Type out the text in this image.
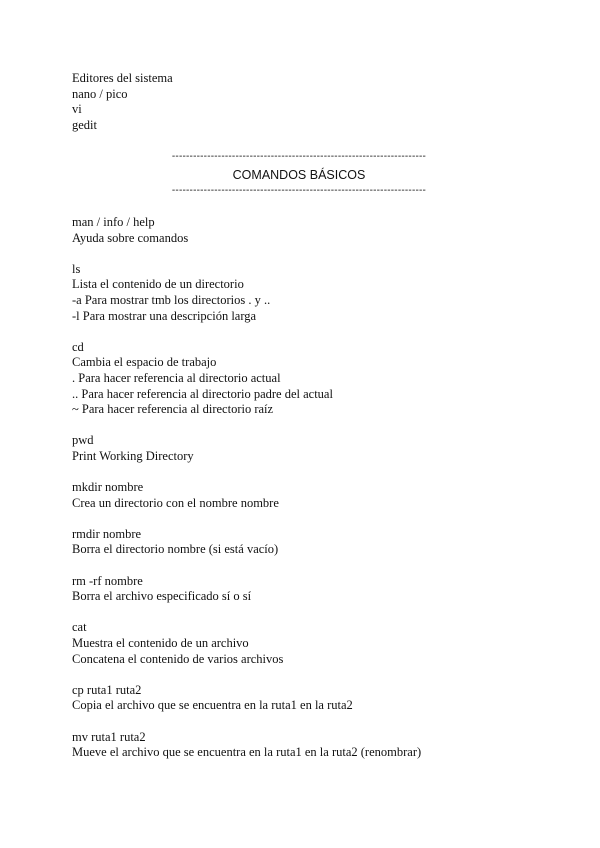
Editores del sistema
nano / pico
vi
gedit
------------------------------------------------------------------------
COMANDOS BÁSICOS
------------------------------------------------------------------------
man / info / help
Ayuda sobre comandos
ls
Lista el contenido de un directorio
-a Para mostrar tmb los directorios . y ..
-l Para mostrar una descripción larga
cd
Cambia el espacio de trabajo
. Para hacer referencia al directorio actual
.. Para hacer referencia al directorio padre del actual
~ Para hacer referencia al directorio raíz
pwd
Print Working Directory
mkdir nombre
Crea un directorio con el nombre nombre
rmdir nombre
Borra el directorio nombre (si está vacío)
rm -rf nombre
Borra el archivo especificado sí o sí
cat
Muestra el contenido de un archivo
Concatena el contenido de varios archivos
cp ruta1 ruta2
Copia el archivo que se encuentra en la ruta1 en la ruta2
mv ruta1 ruta2
Mueve el archivo que se encuentra en la ruta1 en la ruta2 (renombrar)
